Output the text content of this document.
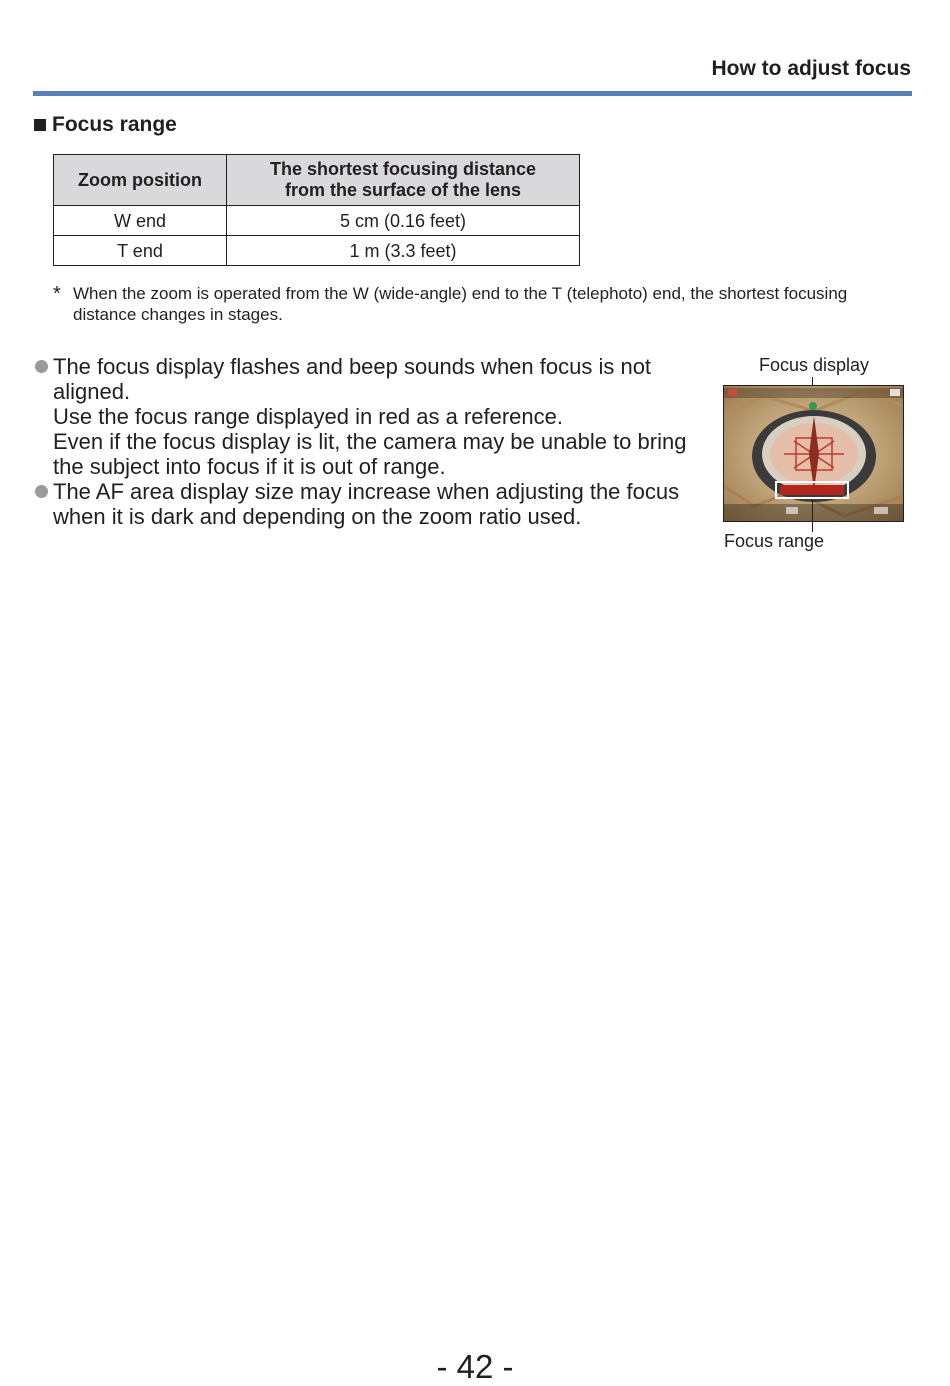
How to adjust focus
Focus range
Zoom position	The shortest focusing distance
from the surface of the lens
W end	5 cm (0.16 feet)
T end	1 m (3.3 feet)
* When the zoom is operated from the W (wide-angle) end to the T (telephoto) end, the shortest focusing distance changes in stages.

The focus display flashes and beep sounds when focus is not aligned.

Use the focus range displayed in red as a reference.

Even if the focus display is lit, the camera may be unable to bring the subject into focus if it is out of range.

The AF area display size may increase when adjusting the focus when it is dark and depending on the zoom ratio used.

Focus display
Focus range

- 42 -
